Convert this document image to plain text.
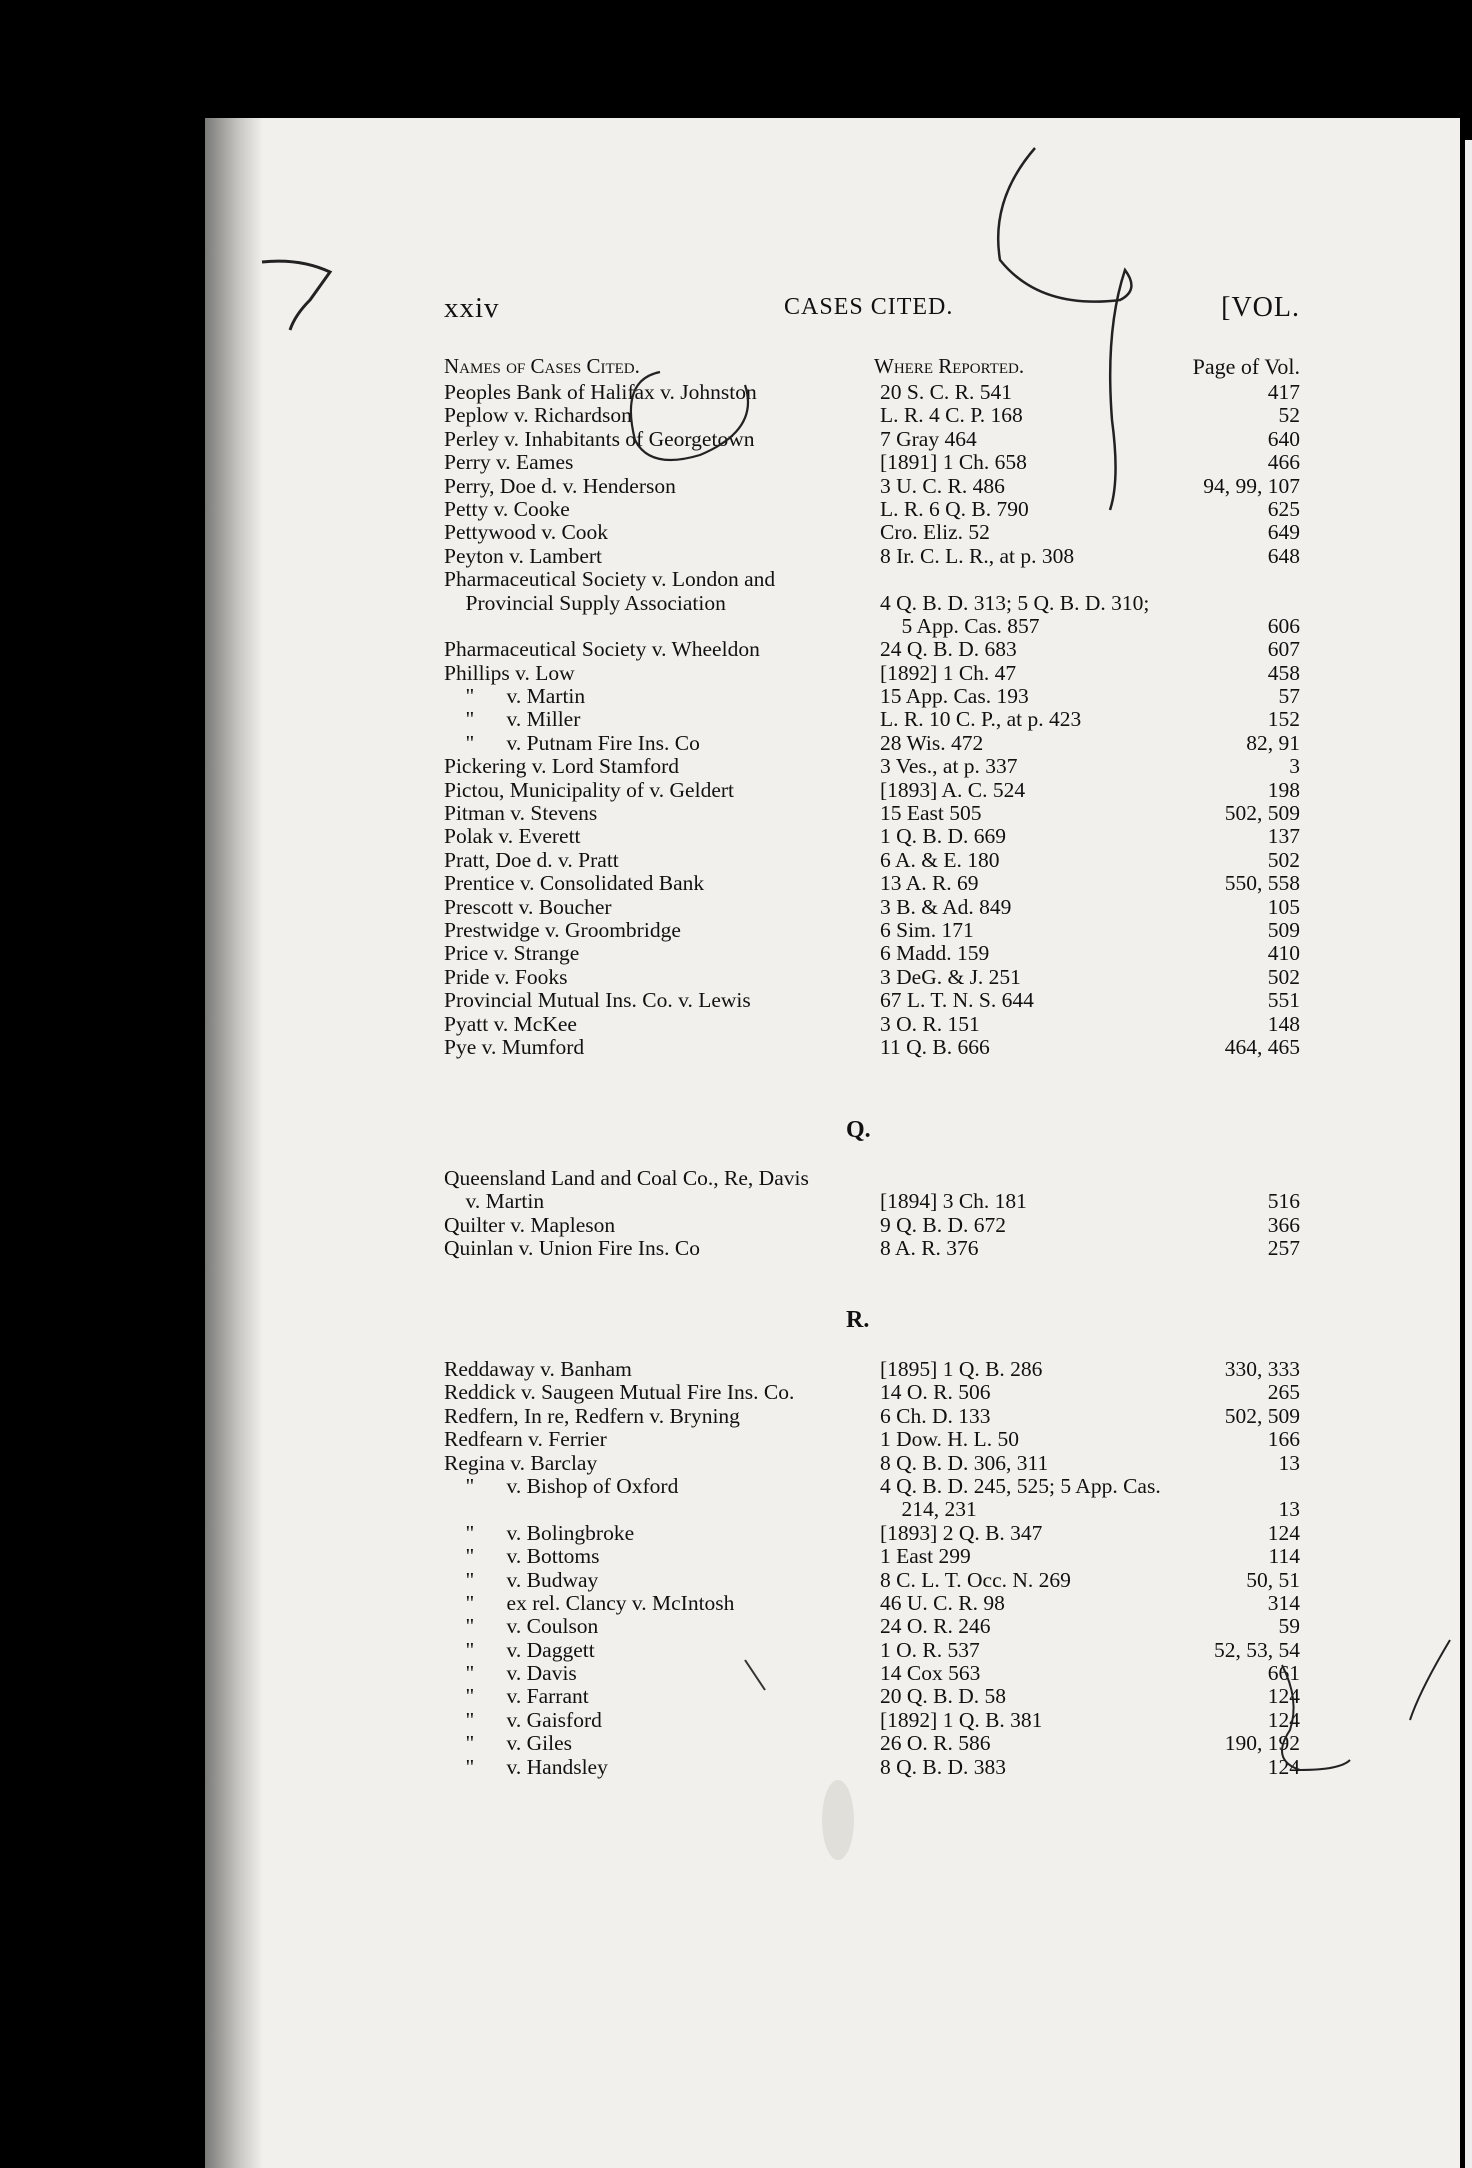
xxiv	CASES CITED.	[VOL.
Names of Cases Cited.	Where Reported.	Page of Vol.
Peoples Bank of Halifax v. Johnston	20 S. C. R. 541	417
Peplow v. Richardson	L. R. 4 C. P. 168	52
Perley v. Inhabitants of Georgetown	7 Gray 464	640
Perry v. Eames	[1891] 1 Ch. 658	466
Perry, Doe d. v. Henderson	3 U. C. R. 486	94, 99, 107
Petty v. Cooke	L. R. 6 Q. B. 790	625
Pettywood v. Cook	Cro. Eliz. 52	649
Peyton v. Lambert	8 Ir. C. L. R., at p. 308	648
Pharmaceutical Society v. London and
Provincial Supply Association	4 Q. B. D. 313; 5 Q. B. D. 310;
5 App. Cas. 857	606
Pharmaceutical Society v. Wheeldon	24 Q. B. D. 683	607
Phillips v. Low	[1892] 1 Ch. 47	458
"      v. Martin	15 App. Cas. 193	57
"      v. Miller	L. R. 10 C. P., at p. 423	152
"      v. Putnam Fire Ins. Co	28 Wis. 472	82, 91
Pickering v. Lord Stamford	3 Ves., at p. 337	3
Pictou, Municipality of v. Geldert	[1893] A. C. 524	198
Pitman v. Stevens	15 East 505	502, 509
Polak v. Everett	1 Q. B. D. 669	137
Pratt, Doe d. v. Pratt	6 A. & E. 180	502
Prentice v. Consolidated Bank	13 A. R. 69	550, 558
Prescott v. Boucher	3 B. & Ad. 849	105
Prestwidge v. Groombridge	6 Sim. 171	509
Price v. Strange	6 Madd. 159	410
Pride v. Fooks	3 DeG. & J. 251	502
Provincial Mutual Ins. Co. v. Lewis	67 L. T. N. S. 644	551
Pyatt v. McKee	3 O. R. 151	148
Pye v. Mumford	11 Q. B. 666	464, 465
Q.
Queensland Land and Coal Co., Re, Davis
v. Martin	[1894] 3 Ch. 181	516
Quilter v. Mapleson	9 Q. B. D. 672	366
Quinlan v. Union Fire Ins. Co	8 A. R. 376	257
R.
Reddaway v. Banham	[1895] 1 Q. B. 286	330, 333
Reddick v. Saugeen Mutual Fire Ins. Co.	14 O. R. 506	265
Redfern, In re, Redfern v. Bryning	6 Ch. D. 133	502, 509
Redfearn v. Ferrier	1 Dow. H. L. 50	166
Regina v. Barclay	8 Q. B. D. 306, 311	13
"      v. Bishop of Oxford	4 Q. B. D. 245, 525; 5 App. Cas.
214, 231	13
"      v. Bolingbroke	[1893] 2 Q. B. 347	124
"      v. Bottoms	1 East 299	114
"      v. Budway	8 C. L. T. Occ. N. 269	50, 51
"      ex rel. Clancy v. McIntosh	46 U. C. R. 98	314
"      v. Coulson	24 O. R. 246	59
"      v. Daggett	1 O. R. 537	52, 53, 54
"      v. Davis	14 Cox 563	661
"      v. Farrant	20 Q. B. D. 58	124
"      v. Gaisford	[1892] 1 Q. B. 381	124
"      v. Giles	26 O. R. 586	190, 192
"      v. Handsley	8 Q. B. D. 383	124
